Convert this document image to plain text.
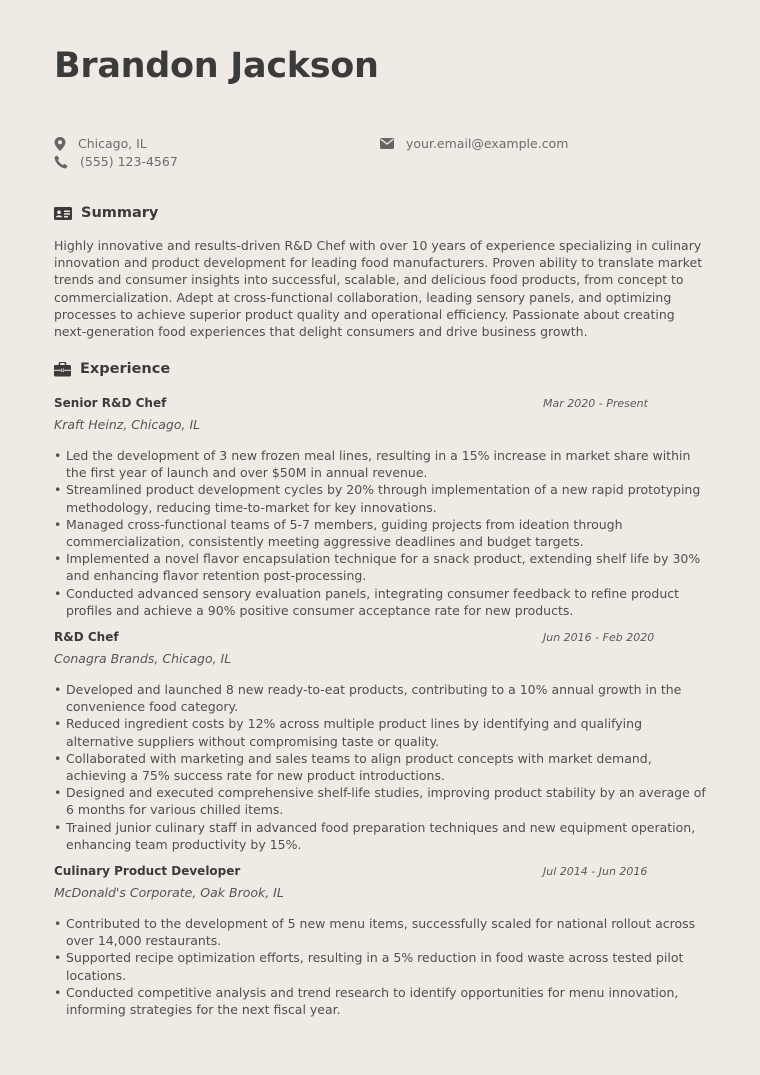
Brandon Jackson
Chicago, IL
(555) 123-4567
your.email@example.com
Summary
Highly innovative and results-driven R&D Chef with over 10 years of experience specializing in culinary innovation and product development for leading food manufacturers. Proven ability to translate market trends and consumer insights into successful, scalable, and delicious food products, from concept to commercialization. Adept at cross-functional collaboration, leading sensory panels, and optimizing processes to achieve superior product quality and operational efficiency. Passionate about creating next-generation food experiences that delight consumers and drive business growth.
Experience
Senior R&D Chef	Mar 2020 - Present
Kraft Heinz, Chicago, IL
• Led the development of 3 new frozen meal lines, resulting in a 15% increase in market share within the first year of launch and over $50M in annual revenue.
• Streamlined product development cycles by 20% through implementation of a new rapid prototyping methodology, reducing time-to-market for key innovations.
• Managed cross-functional teams of 5-7 members, guiding projects from ideation through commercialization, consistently meeting aggressive deadlines and budget targets.
• Implemented a novel flavor encapsulation technique for a snack product, extending shelf life by 30% and enhancing flavor retention post-processing.
• Conducted advanced sensory evaluation panels, integrating consumer feedback to refine product profiles and achieve a 90% positive consumer acceptance rate for new products.
R&D Chef	Jun 2016 - Feb 2020
Conagra Brands, Chicago, IL
• Developed and launched 8 new ready-to-eat products, contributing to a 10% annual growth in the convenience food category.
• Reduced ingredient costs by 12% across multiple product lines by identifying and qualifying alternative suppliers without compromising taste or quality.
• Collaborated with marketing and sales teams to align product concepts with market demand, achieving a 75% success rate for new product introductions.
• Designed and executed comprehensive shelf-life studies, improving product stability by an average of 6 months for various chilled items.
• Trained junior culinary staff in advanced food preparation techniques and new equipment operation, enhancing team productivity by 15%.
Culinary Product Developer	Jul 2014 - Jun 2016
McDonald's Corporate, Oak Brook, IL
• Contributed to the development of 5 new menu items, successfully scaled for national rollout across over 14,000 restaurants.
• Supported recipe optimization efforts, resulting in a 5% reduction in food waste across tested pilot locations.
• Conducted competitive analysis and trend research to identify opportunities for menu innovation, informing strategies for the next fiscal year.
